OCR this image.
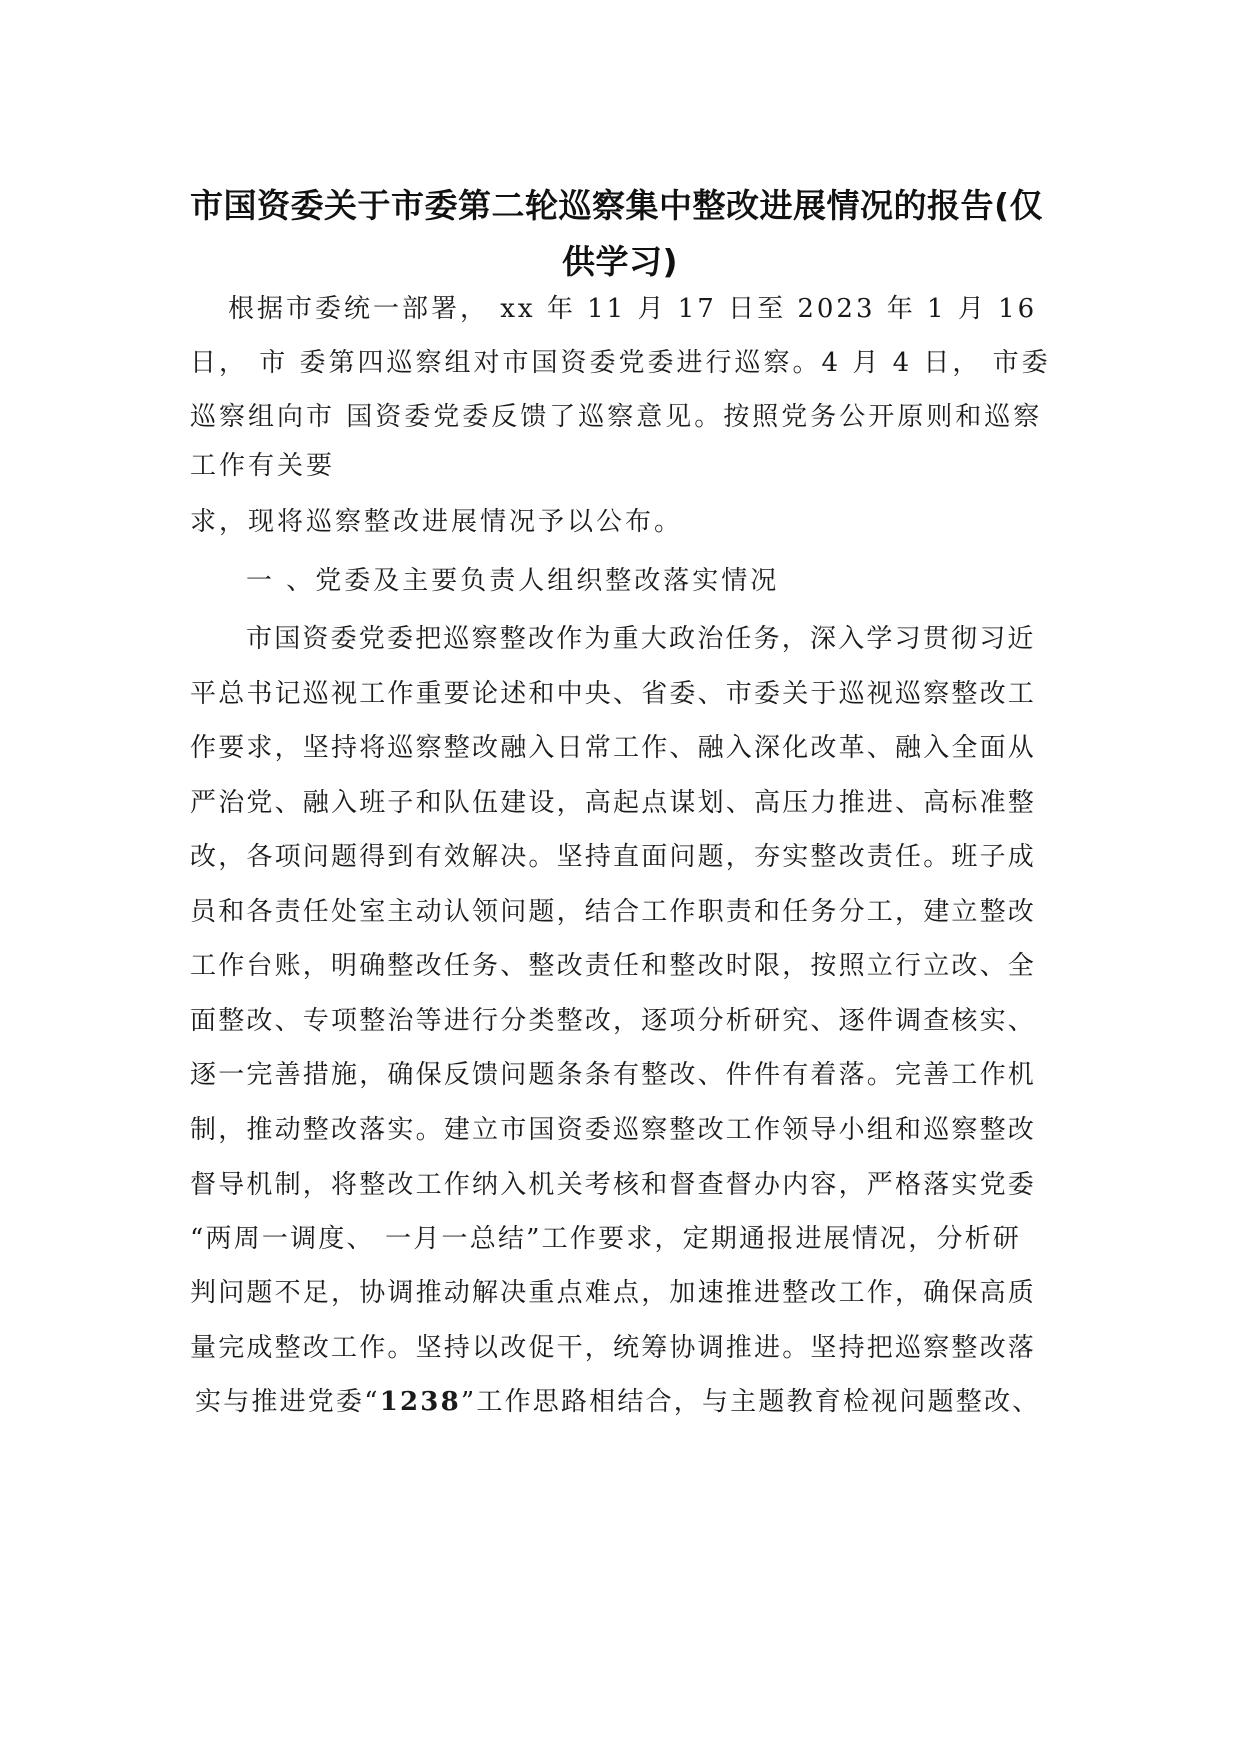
市国资委关于市委第二轮巡察集中整改进展情况的报告(仅
供学习)
根据市委统一部署， xx 年 11 月 17 日至 2023 年 1 月 16
日， 市 委第四巡察组对市国资委党委进行巡察。4 月 4 日， 市委
巡察组向市 国资委党委反馈了巡察意见。按照党务公开原则和巡察
工作有关要
求，现将巡察整改进展情况予以公布。
一 、党委及主要负责人组织整改落实情况
市国资委党委把巡察整改作为重大政治任务，深入学习贯彻习近
平总书记巡视工作重要论述和中央、省委、市委关于巡视巡察整改工
作要求，坚持将巡察整改融入日常工作、融入深化改革、融入全面从
严治党、融入班子和队伍建设，高起点谋划、高压力推进、高标准整
改，各项问题得到有效解决。坚持直面问题，夯实整改责任。班子成
员和各责任处室主动认领问题，结合工作职责和任务分工，建立整改
工作台账，明确整改任务、整改责任和整改时限，按照立行立改、全
面整改、专项整治等进行分类整改，逐项分析研究、逐件调查核实、
逐一完善措施，确保反馈问题条条有整改、件件有着落。完善工作机
制，推动整改落实。建立市国资委巡察整改工作领导小组和巡察整改
督导机制，将整改工作纳入机关考核和督查督办内容，严格落实党委
“两周一调度、 一月一总结”工作要求，定期通报进展情况，分析研
判问题不足，协调推动解决重点难点，加速推进整改工作，确保高质
量完成整改工作。坚持以改促干，统筹协调推进。坚持把巡察整改落
实与推进党委“1238”工作思路相结合，与主题教育检视问题整改、
